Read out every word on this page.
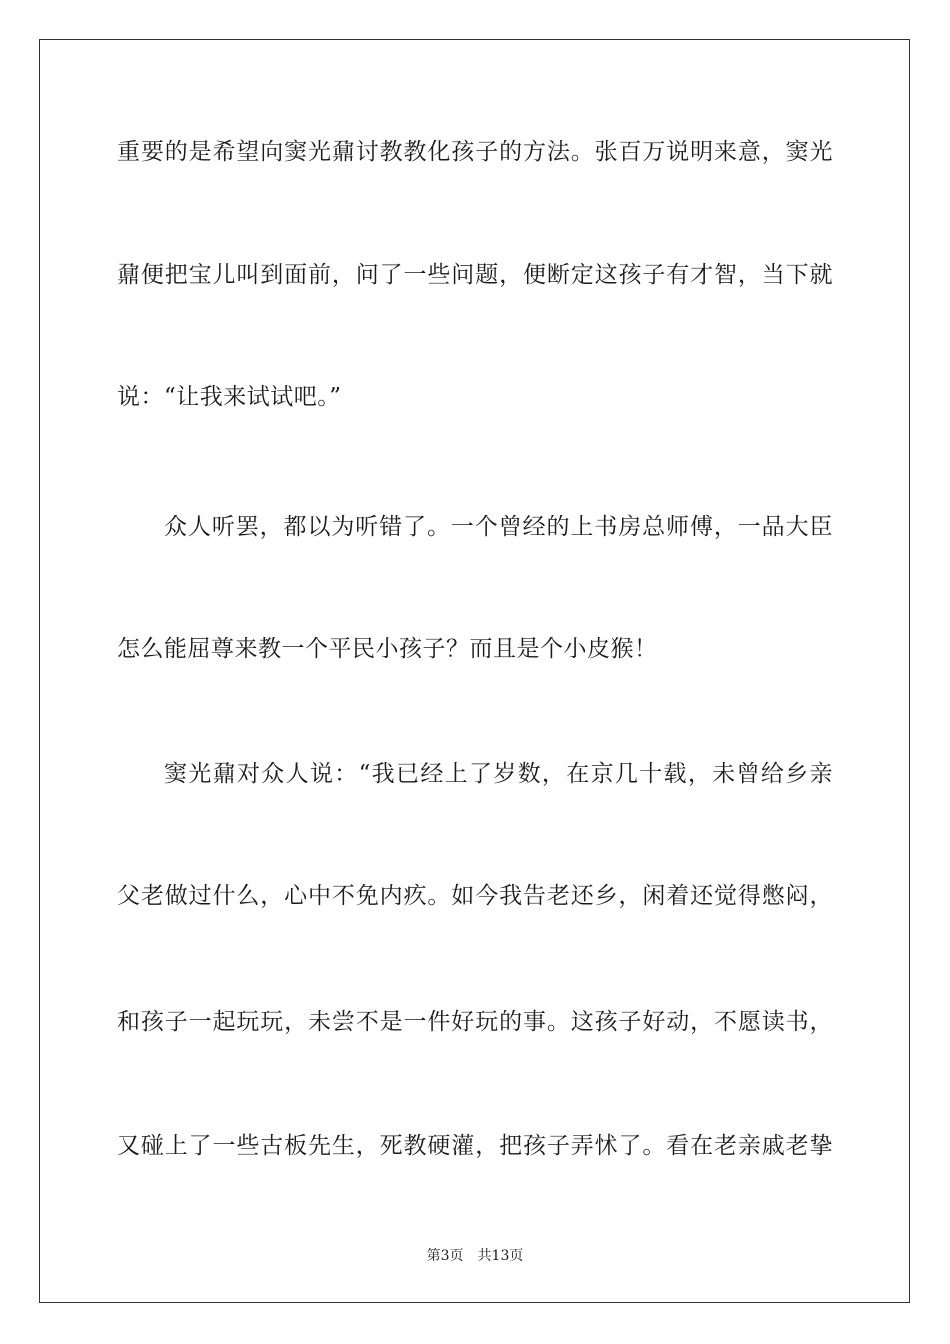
重要的是希望向窦光鼐讨教教化孩子的方法。张百万说明来意，窦光
鼐便把宝儿叫到面前，问了一些问题，便断定这孩子有才智，当下就
说：“让我来试试吧。”
众人听罢，都以为听错了。一个曾经的上书房总师傅，一品大臣
怎么能屈尊来教一个平民小孩子？而且是个小皮猴！
窦光鼐对众人说：“我已经上了岁数，在京几十载，未曾给乡亲
父老做过什么，心中不免内疚。如今我告老还乡，闲着还觉得憋闷，
和孩子一起玩玩，未尝不是一件好玩的事。这孩子好动，不愿读书，
又碰上了一些古板先生，死教硬灌，把孩子弄怵了。看在老亲戚老挚
第3页 共13页
